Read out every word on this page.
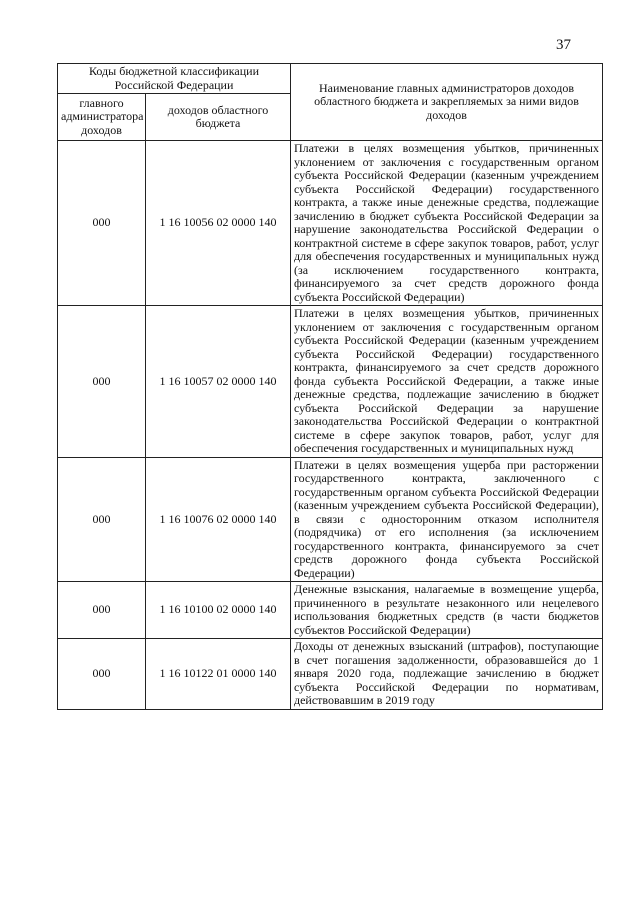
37
Коды бюджетной классификации Российской Федерации		Наименование главных администраторов доходов областного бюджета и закрепляемых за ними видов доходов
главного администратора доходов	доходов областного бюджета	
000	1 16 10056 02 0000 140	Платежи в целях возмещения убытков, причиненных уклонением от заключения с государственным органом субъекта Российской Федерации (казенным учреждением субъекта Российской Федерации) государственного контракта, а также иные денежные средства, подлежащие зачислению в бюджет субъекта Российской Федерации за нарушение законодательства Российской Федерации о контрактной системе в сфере закупок товаров, работ, услуг для обеспечения государственных и муниципальных нужд (за исключением государственного контракта, финансируемого за счет средств дорожного фонда субъекта Российской Федерации)
000	1 16 10057 02 0000 140	Платежи в целях возмещения убытков, причиненных уклонением от заключения с государственным органом субъекта Российской Федерации (казенным учреждением субъекта Российской Федерации) государственного контракта, финансируемого за счет средств дорожного фонда субъекта Российской Федерации, а также иные денежные средства, подлежащие зачислению в бюджет субъекта Российской Федерации за нарушение законодательства Российской Федерации о контрактной системе в сфере закупок товаров, работ, услуг для обеспечения государственных и муниципальных нужд
000	1 16 10076 02 0000 140	Платежи в целях возмещения ущерба при расторжении государственного контракта, заключенного с государственным органом субъекта Российской Федерации (казенным учреждением субъекта Российской Федерации), в связи с односторонним отказом исполнителя (подрядчика) от его исполнения (за исключением государственного контракта, финансируемого за счет средств дорожного фонда субъекта Российской Федерации)
000	1 16 10100 02 0000 140	Денежные взыскания, налагаемые в возмещение ущерба, причиненного в результате незаконного или нецелевого использования бюджетных средств (в части бюджетов субъектов Российской Федерации)
000	1 16 10122 01 0000 140	Доходы от денежных взысканий (штрафов), поступающие в счет погашения задолженности, образовавшейся до 1 января 2020 года, подлежащие зачислению в бюджет субъекта Российской Федерации по нормативам, действовавшим в 2019 году
